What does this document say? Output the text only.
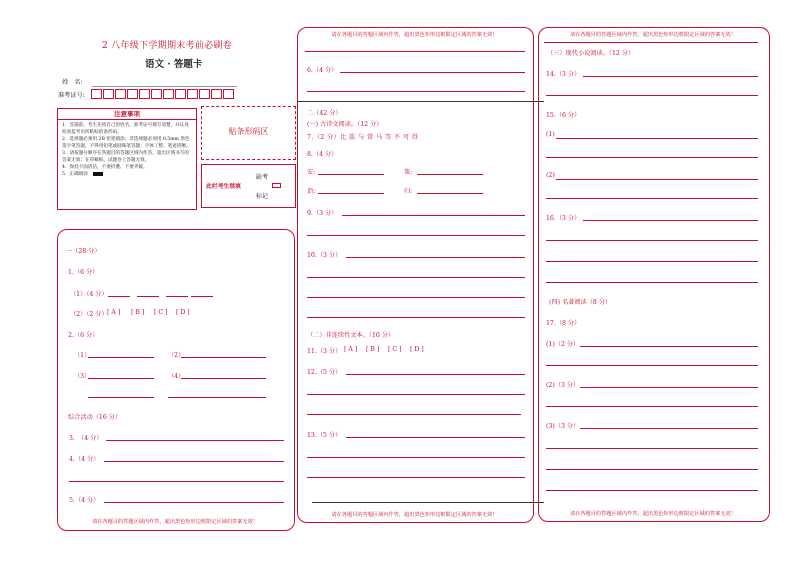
2 八年级下学期期末考前必刷卷
语文 · 答题卡
姓　名:
准考证号:
注意事项
1．答题前，考生先将自己的姓名，准考证号填写清楚，并认真检查监考员所粘贴的条形码。
2．选择题必须用 2B 铅笔填涂；非选择题必须用 0.5mm 黑色签字笔答题，不得用铅笔或圆珠笔答题；字体工整、笔迹清晰。
3．请按题号顺序在各题目的答题区域内作答，超出区域书写的答案无效；在草稿纸、试题卷上答题无效。
4．保持卡面清洁，不要折叠、不要弄破。
5．正确填涂
贴条形码区
此栏考生禁填
缺考
标记
一（28 分）
1.（6 分）
（1）（4 分）
（2）（2 分） [ A ] [ B ] [ C ] [ D ]
2.（6 分）
（1）	（2）
（3）	（4）
综合活动（16 分）
3.　（4 分）
4.（4 分）
5.（4 分）
请在各题目的答题区域内作答，超出黑色矩形边框限定区域的答案无效！
请在各题目的答题区域内作答，超出黑色矩形边框限定区域的答案无效！
6.（4 分）
二（42 分）
(一) 古诗文阅读。（12 分）
7.（2 分）比 肱 与 常 马 等 不 可 得
8.（4 分）
安:	策:
诣:	归:
9.（3 分）
10.（3 分）
（二）非连续性文本。（10 分）
11.（3 分） [ A ] [ B ] [ C ] [ D ]
12.（5 分）
13.（5 分）
请在各题目的答题区域内作答，超出黑色矩形边框限定区域的答案无效！
请在各题目的答题区域内作答，超出黑色矩形边框限定区域的答案无效！
（三）现代小说阅读。（12 分）
14.（3 分）
15.（6 分）
(1)
(2)
16.（3 分）
(四) 名著阅读（8 分）
17.（8 分）
(1)（2 分）
(2)（3 分）
(3)（3 分）
请在各题目的答题区域内作答，超出黑色矩形边框限定区域的答案无效！
